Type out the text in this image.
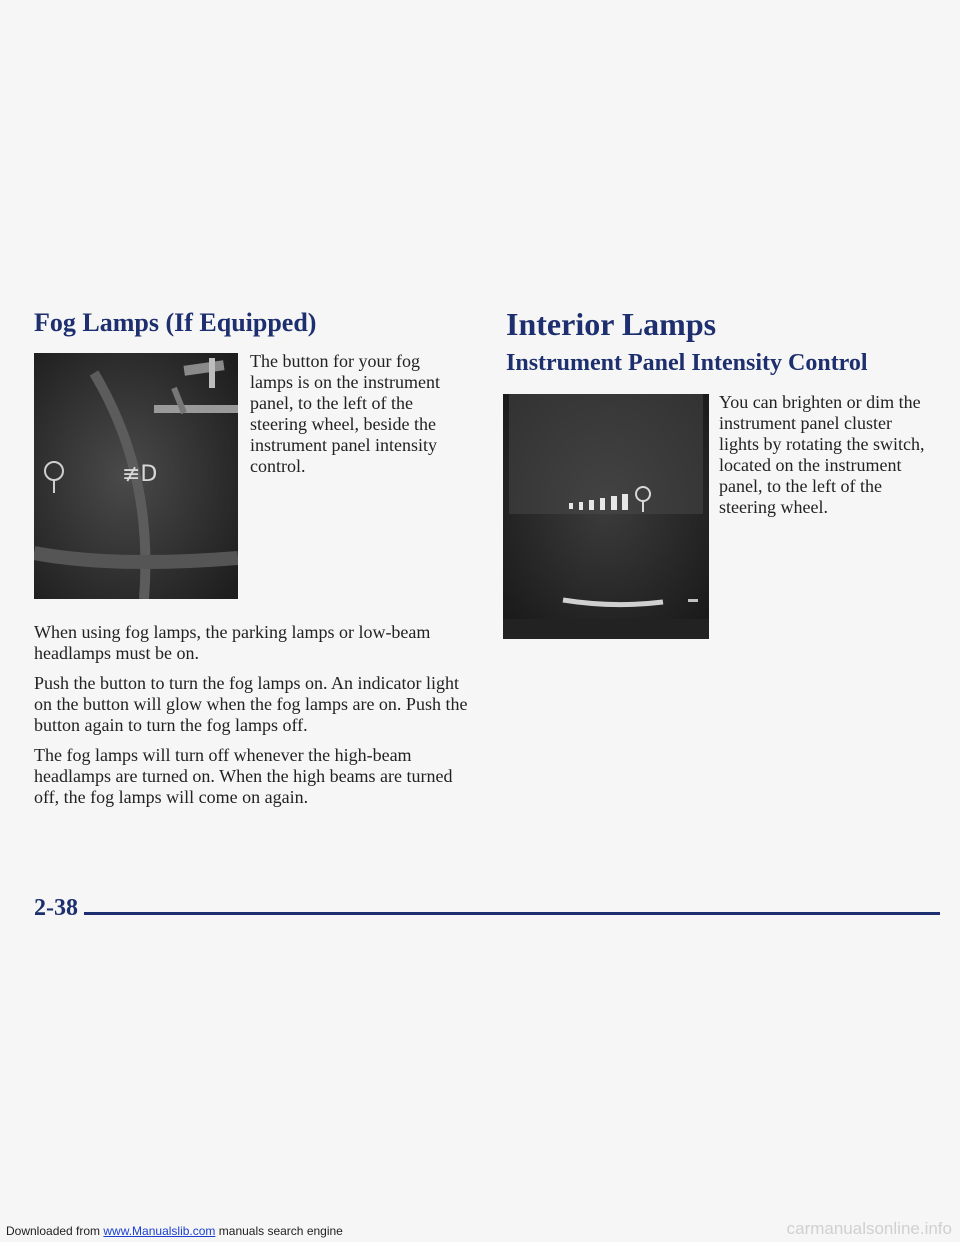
Fog Lamps (If Equipped)
≢D

The button for your fog lamps is on the instrument panel, to the left of the steering wheel, beside the instrument panel intensity control.

When using fog lamps, the parking lamps or low-beam headlamps must be on.

Push the button to turn the fog lamps on. An indicator light on the button will glow when the fog lamps are on. Push the button again to turn the fog lamps off.

The fog lamps will turn off whenever the high-beam headlamps are turned on. When the high beams are turned off, the fog lamps will come on again.

Interior Lamps
Instrument Panel Intensity Control

You can brighten or dim the instrument panel cluster lights by rotating the switch, located on the instrument panel, to the left of the steering wheel.

2-38
Downloaded from www.Manualslib.com manuals search engine	carmanualsonline.info
